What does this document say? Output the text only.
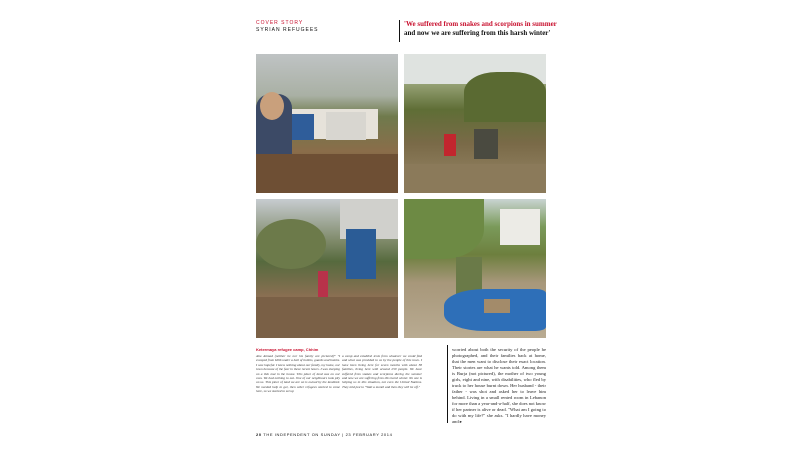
COVER STORY
SYRIAN REFUGEES
'We suffered from snakes and scorpions in summer
and now we are suffering from this harsh winter'
Ketermaya refugee camp, Chhim
Abu Ahmad (neither he nor his family are pictured)* "I escaped from Idlib under a hail of bullets, guards and bombs. I was hopeful. I knew nothing about our family, my home, our town because of the fear in these recent hours. I was sleeping on a thin mat in the house. This place of land was on our own. We had nothing to eat. One of our neighbours took pity on us. This piece of land we are on is owned by the landlord. We needed help to get, then other refugees started to come here, so we started to set up
a camp and establish tents from whatever we could find and what was provided to us by the people of this town. I have been living here for seven months with about 38 families, living here with around 250 people. We have suffered from snakes and scorpions during the summer and now we are suffering from this harsh winter. No one is helping us in this situation, not even the United Nations. They told just to "Wait a month and then they will be off."
worried about both the security of the people he photographed, and their families back at home, that the men want to disclose their exact location. Their stories are what he wants told. Among them is Burja (not pictured), the mother of two young girls, eight and nine, with disabilities, who fled by truck to her house burnt down. Her husband - their father - was shot and asked her to leave him behind. Living in a small rented room in Lebanon for more than a year-and-a-half, she does not know if her partner is alive or dead. "What am I going to do with my life?" she asks. "I hardly have money and ▸
20 THE INDEPENDENT ON SUNDAY | 23 FEBRUARY 2014
